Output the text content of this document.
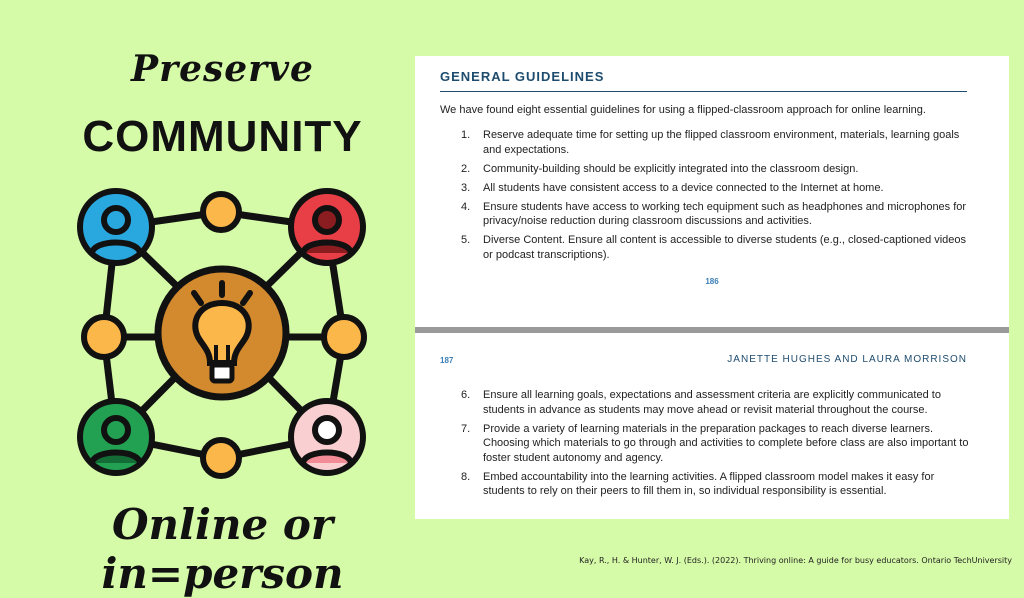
Preserve
COMMUNITY
Online or in=person
GENERAL GUIDELINES
We have found eight essential guidelines for using a flipped-classroom approach for online learning.
1.	Reserve adequate time for setting up the flipped classroom environment, materials, learning goals and expectations.
2.	Community-building should be explicitly integrated into the classroom design.
3.	All students have consistent access to a device connected to the Internet at home.
4.	Ensure students have access to working tech equipment such as headphones and microphones for privacy/noise reduction during classroom discussions and activities.
5.	Diverse Content. Ensure all content is accessible to diverse students (e.g., closed-captioned videos or podcast transcriptions).
186
187	JANETTE HUGHES AND LAURA MORRISON
6.	Ensure all learning goals, expectations and assessment criteria are explicitly communicated to students in advance as students may move ahead or revisit material throughout the course.
7.	Provide a variety of learning materials in the preparation packages to reach diverse learners. Choosing which materials to go through and activities to complete before class are also important to foster student autonomy and agency.
8.	Embed accountability into the learning activities. A flipped classroom model makes it easy for students to rely on their peers to fill them in, so individual responsibility is essential.
Kay, R., H. & Hunter, W. J. (Eds.). (2022). Thriving online: A guide for busy educators. Ontario TechUniversity
